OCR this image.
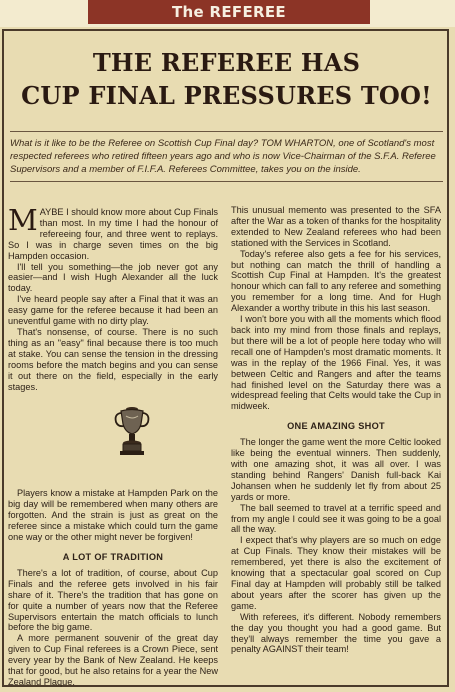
The REFEREE
THE REFEREE HAS
CUP FINAL PRESSURES TOO!
What is it like to be the Referee on Scottish Cup Final day? TOM WHARTON, one of Scotland's most respected referees who retired fifteen years ago and who is now Vice-Chairman of the S.F.A. Referee Supervisors and a member of F.I.F.A. Referees Committee, takes you on the inside.

MAYBE I should know more about Cup Finals than most. In my time I had the honour of refereeing four, and three went to replays. So I was in charge seven times on the big Hampden occasion.

I'll tell you something—the job never got any easier—and I wish Hugh Alexander all the luck today.

I've heard people say after a Final that it was an easy game for the referee because it had been an uneventful game with no dirty play.

That's nonsense, of course. There is no such thing as an "easy" final because there is too much at stake. You can sense the tension in the dressing rooms before the match begins and you can sense it out there on the field, especially in the early stages.

Players know a mistake at Hampden Park on the big day will be remembered when many others are forgotten. And the strain is just as great on the referee since a mistake which could turn the game one way or the other might never be forgiven!

A LOT OF TRADITION

There's a lot of tradition, of course, about Cup Finals and the referee gets involved in his fair share of it. There's the tradition that has gone on for quite a number of years now that the Referee Supervisors entertain the match officials to lunch before the big game.

A more permanent souvenir of the great day given to Cup Final referees is a Crown Piece, sent every year by the Bank of New Zealand. He keeps that for good, but he also retains for a year the New Zealand Plaque.

This unusual memento was presented to the SFA after the War as a token of thanks for the hospitality extended to New Zealand referees who had been stationed with the Services in Scotland.

Today's referee also gets a fee for his services, but nothing can match the thrill of handling a Scottish Cup Final at Hampden. It's the greatest honour which can fall to any referee and something you remember for a long time. And for Hugh Alexander a worthy tribute in this his last season.

I won't bore you with all the moments which flood back into my mind from those finals and replays, but there will be a lot of people here today who will recall one of Hampden's most dramatic moments. It was in the replay of the 1966 Final. Yes, it was between Celtic and Rangers and after the teams had finished level on the Saturday there was a widespread feeling that Celts would take the Cup in midweek.

ONE AMAZING SHOT

The longer the game went the more Celtic looked like being the eventual winners. Then suddenly, with one amazing shot, it was all over. I was standing behind Rangers' Danish full-back Kai Johansen when he suddenly let fly from about 25 yards or more.

The ball seemed to travel at a terrific speed and from my angle I could see it was going to be a goal all the way.

I expect that's why players are so much on edge at Cup Finals. They know their mistakes will be remembered, yet there is also the excitement of knowing that a spectacular goal scored on Cup Final day at Hampden will probably still be talked about years after the scorer has given up the game.

With referees, it's different. Nobody remembers the day you thought you had a good game. But they'll always remember the time you gave a penalty AGAINST their team!
